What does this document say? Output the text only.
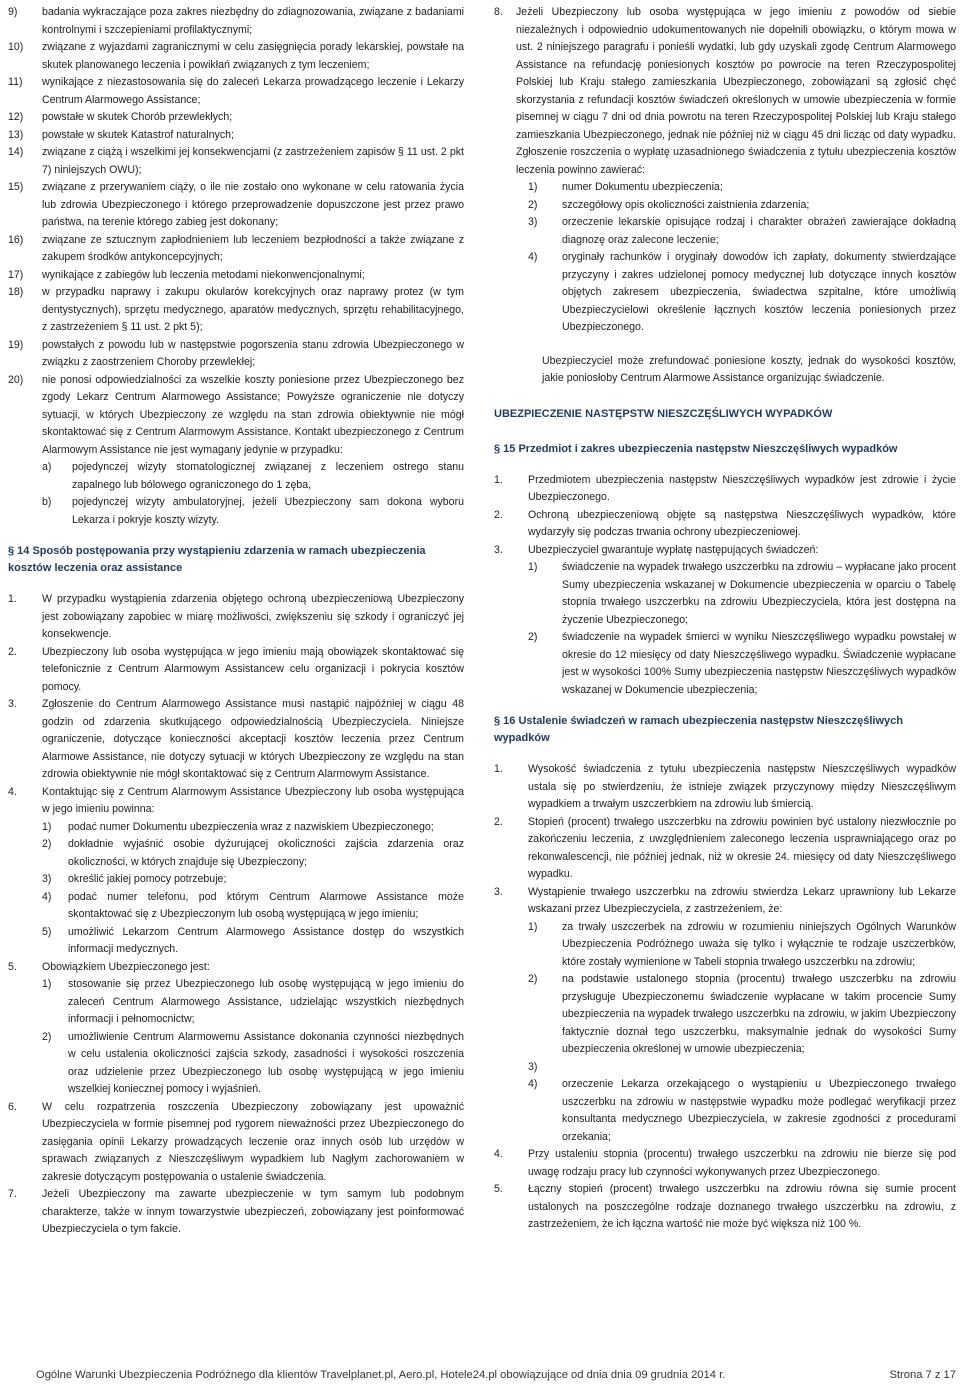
9)	badania wykraczające poza zakres niezbędny do zdiagnozowania, związane z badaniami kontrolnymi i szczepieniami profilaktycznymi;
10)	związane z wyjazdami zagranicznymi w celu zasięgnięcia porady lekarskiej, powstałe na skutek planowanego leczenia i powikłań związanych z tym leczeniem;
11)	wynikające z niezastosowania się do zaleceń Lekarza prowadzącego leczenie i Lekarzy Centrum Alarmowego Assistance;
12)	powstałe w skutek Chorób przewlekłych;
13)	powstałe w skutek Katastrof naturalnych;
14)	związane z ciążą i wszelkimi jej konsekwencjami (z zastrzeżeniem zapisów § 11 ust. 2 pkt 7) niniejszych OWU);
15)	związane z przerywaniem ciąży, o ile nie zostało ono wykonane w celu ratowania życia lub zdrowia Ubezpieczonego i którego przeprowadzenie dopuszczone jest przez prawo państwa, na terenie którego zabieg jest dokonany;
16)	związane ze sztucznym zapłodnieniem lub leczeniem bezpłodności a także związane z zakupem środków antykoncepcyjnych;
17)	wynikające z zabiegów lub leczenia metodami niekonwencjonalnymi;
18)	w przypadku naprawy i zakupu okularów korekcyjnych oraz naprawy protez (w tym dentystycznych), sprzętu medycznego, aparatów medycznych, sprzętu rehabilitacyjnego, z zastrzeżeniem § 11 ust. 2 pkt 5);
19)	powstałych z powodu lub w następstwie pogorszenia stanu zdrowia Ubezpieczonego w związku z zaostrzeniem Choroby przewlekłej;
20)	nie ponosi odpowiedzialności za wszelkie koszty poniesione przez Ubezpieczonego bez zgody Lekarz Centrum Alarmowego Assistance; Powyższe ograniczenie nie dotyczy sytuacji, w których Ubezpieczony ze względu na stan zdrowia obiektywnie nie mógł skontaktować się z Centrum Alarmowym Assistance. Kontakt ubezpieczonego z Centrum Alarmowym Assistance nie jest wymagany jedynie w przypadku:
a)	pojedynczej wizyty stomatologicznej związanej z leczeniem ostrego stanu zapalnego lub bólowego ograniczonego do 1 zęba,
b)	pojedynczej wizyty ambulatoryjnej, jeżeli Ubezpieczony sam dokona wyboru Lekarza i pokryje koszty wizyty.
§ 14 Sposób postępowania przy wystąpieniu zdarzenia w ramach ubezpieczenia kosztów leczenia oraz assistance
1.	W przypadku wystąpienia zdarzenia objętego ochroną ubezpieczeniową Ubezpieczony jest zobowiązany zapobiec w miarę możliwości, zwiększeniu się szkody i ograniczyć jej konsekwencje.
2.	Ubezpieczony lub osoba występująca w jego imieniu mają obowiązek skontaktować się telefonicznie z Centrum Alarmowym Assistancew celu organizacji i pokrycia kosztów pomocy.
3.	Zgłoszenie do Centrum Alarmowego Assistance musi nastąpić najpóźniej w ciągu 48 godzin od zdarzenia skutkującego odpowiedzialnością Ubezpieczyciela. Niniejsze ograniczenie, dotyczące konieczności akceptacji kosztów leczenia przez Centrum Alarmowe Assistance, nie dotyczy sytuacji w których Ubezpieczony ze względu na stan zdrowia obiektywnie nie mógł skontaktować się z Centrum Alarmowym Assistance.
4.	Kontaktując się z Centrum Alarmowym Assistance Ubezpieczony lub osoba występująca w jego imieniu powinna:
1)	podać numer Dokumentu ubezpieczenia wraz z nazwiskiem Ubezpieczonego;
2)	dokładnie wyjaśnić osobie dyżurującej okoliczności zajścia zdarzenia oraz okoliczności, w których znajduje się Ubezpieczony;
3)	określić jakiej pomocy potrzebuje;
4)	podać numer telefonu, pod którym Centrum Alarmowe Assistance może skontaktować się z Ubezpieczonym lub osobą występującą w jego imieniu;
5)	umożliwić Lekarzom Centrum Alarmowego Assistance dostęp do wszystkich informacji medycznych.
5.	Obowiązkiem Ubezpieczonego jest:
1)	stosowanie się przez Ubezpieczonego lub osobę występującą w jego imieniu do zaleceń Centrum Alarmowego Assistance, udzielając wszystkich niezbędnych informacji i pełnomocnictw;
2)	umożliwienie Centrum Alarmowemu Assistance dokonania czynności niezbędnych w celu ustalenia okoliczności zajścia szkody, zasadności i wysokości roszczenia oraz udzielenie przez Ubezpieczonego lub osobę występującą w jego imieniu wszelkiej koniecznej pomocy i wyjaśnień.
6.	W celu rozpatrzenia roszczenia Ubezpieczony zobowiązany jest upoważnić Ubezpieczyciela w formie pisemnej pod rygorem nieważności przez Ubezpieczonego do zasięgania opinii Lekarzy prowadzących leczenie oraz innych osób lub urzędów w sprawach związanych z Nieszczęśliwym wypadkiem lub Nagłym zachorowaniem w zakresie dotyczącym postępowania o ustalenie świadczenia.
7.	Jeżeli Ubezpieczony ma zawarte ubezpieczenie w tym samym lub podobnym charakterze, także w innym towarzystwie ubezpieczeń, zobowiązany jest poinformować Ubezpieczyciela o tym fakcie.
8.	Jeżeli Ubezpieczony lub osoba występująca w jego imieniu z powodów od siebie niezależnych i odpowiednio udokumentowanych nie dopełnili obowiązku, o którym mowa w ust. 2 niniejszego paragrafu i ponieśli wydatki, lub gdy uzyskali zgodę Centrum Alarmowego Assistance na refundację poniesionych kosztów po powrocie na teren Rzeczypospolitej Polskiej lub Kraju stałego zamieszkania Ubezpieczonego, zobowiązani są zgłosić chęć skorzystania z refundacji kosztów świadczeń określonych w umowie ubezpieczenia w formie pisemnej w ciągu 7 dni od dnia powrotu na teren Rzeczypospolitej Polskiej lub Kraju stałego zamieszkania Ubezpieczonego, jednak nie później niż w ciągu 45 dni licząc od daty wypadku. Zgłoszenie roszczenia o wypłatę uzasadnionego świadczenia z tytułu ubezpieczenia kosztów leczenia powinno zawierać:
1)	numer Dokumentu ubezpieczenia;
2)	szczegółowy opis okoliczności zaistnienia zdarzenia;
3)	orzeczenie lekarskie opisujące rodzaj i charakter obrażeń zawierające dokładną diagnozę oraz zalecone leczenie;
4)	oryginały rachunków i oryginały dowodów ich zapłaty, dokumenty stwierdzające przyczyny i zakres udzielonej pomocy medycznej lub dotyczące innych kosztów objętych zakresem ubezpieczenia, świadectwa szpitalne, które umożliwią Ubezpieczycielowi określenie łącznych kosztów leczenia poniesionych przez Ubezpieczonego.
Ubezpieczyciel może zrefundować poniesione koszty, jednak do wysokości kosztów, jakie poniosłoby Centrum Alarmowe Assistance organizując świadczenie.
UBEZPIECZENIE NASTĘPSTW NIESZCZĘŚLIWYCH WYPADKÓW
§ 15 Przedmiot i zakres ubezpieczenia następstw Nieszczęśliwych wypadków
1.	Przedmiotem ubezpieczenia następstw Nieszczęśliwych wypadków jest zdrowie i życie Ubezpieczonego.
2.	Ochroną ubezpieczeniową objęte są następstwa Nieszczęśliwych wypadków, które wydarzyły się podczas trwania ochrony ubezpieczeniowej.
3.	Ubezpieczyciel gwarantuje wypłatę następujących świadczeń:
1)	świadczenie na wypadek trwałego uszczerbku na zdrowiu – wypłacane jako procent Sumy ubezpieczenia wskazanej w Dokumencie ubezpieczenia w oparciu o Tabelę stopnia trwałego uszczerbku na zdrowiu Ubezpieczyciela, która jest dostępna na życzenie Ubezpieczonego;
2)	świadczenie na wypadek śmierci w wyniku Nieszczęśliwego wypadku powstałej w okresie do 12 miesięcy od daty Nieszczęśliwego wypadku. Świadczenie wypłacane jest w wysokości 100% Sumy ubezpieczenia następstw Nieszczęśliwych wypadków wskazanej w Dokumencie ubezpieczenia;
§ 16 Ustalenie świadczeń w ramach ubezpieczenia następstw Nieszczęśliwych wypadków
1.	Wysokość świadczenia z tytułu ubezpieczenia następstw Nieszczęśliwych wypadków ustala się po stwierdzeniu, że istnieje związek przyczynowy między Nieszczęśliwym wypadkiem a trwałym uszczerbkiem na zdrowiu lub śmiercią.
2.	Stopień (procent) trwałego uszczerbku na zdrowiu powinien być ustalony niezwłocznie po zakończeniu leczenia, z uwzględnieniem zaleconego leczenia usprawniającego oraz po rekonwalescencji, nie później jednak, niż w okresie 24. miesięcy od daty Nieszczęśliwego wypadku.
3.	Wystąpienie trwałego uszczerbku na zdrowiu stwierdza Lekarz uprawniony lub Lekarze wskazani przez Ubezpieczyciela, z zastrzeżeniem, że:
1)	za trwały uszczerbek na zdrowiu w rozumieniu niniejszych Ogólnych Warunków Ubezpieczenia Podróżnego uważa się tylko i wyłącznie te rodzaje uszczerbków, które zostały wymienione w Tabeli stopnia trwałego uszczerbku na zdrowiu;
2)	na podstawie ustalonego stopnia (procentu) trwałego uszczerbku na zdrowiu przysługuje Ubezpieczonemu świadczenie wypłacane w takim procencie Sumy ubezpieczenia na wypadek trwałego uszczerbku na zdrowiu, w jakim Ubezpieczony faktycznie doznał tego uszczerbku, maksymalnie jednak do wysokości Sumy ubezpieczenia określonej w umowie ubezpieczenia;
3)
4)	orzeczenie Lekarza orzekającego o wystąpieniu u Ubezpieczonego trwałego uszczerbku na zdrowiu w następstwie wypadku może podlegać weryfikacji przez konsultanta medycznego Ubezpieczyciela, w zakresie zgodności z procedurami orzekania;
4.	Przy ustaleniu stopnia (procentu) trwałego uszczerbku na zdrowiu nie bierze się pod uwagę rodzaju pracy lub czynności wykonywanych przez Ubezpieczonego.
5.	Łączny stopień (procent) trwałego uszczerbku na zdrowiu równa się sumie procent ustalonych na poszczególne rodzaje doznanego trwałego uszczerbku na zdrowiu, z zastrzeżeniem, że ich łączna wartość nie może być większa niż 100 %.
Ogólne Warunki Ubezpieczenia Podróżnego dla klientów Travelplanet.pl, Aero.pl, Hotele24.pl obowiązujące od dnia dnia 09 grudnia 2014 r.	Strona 7 z 17
